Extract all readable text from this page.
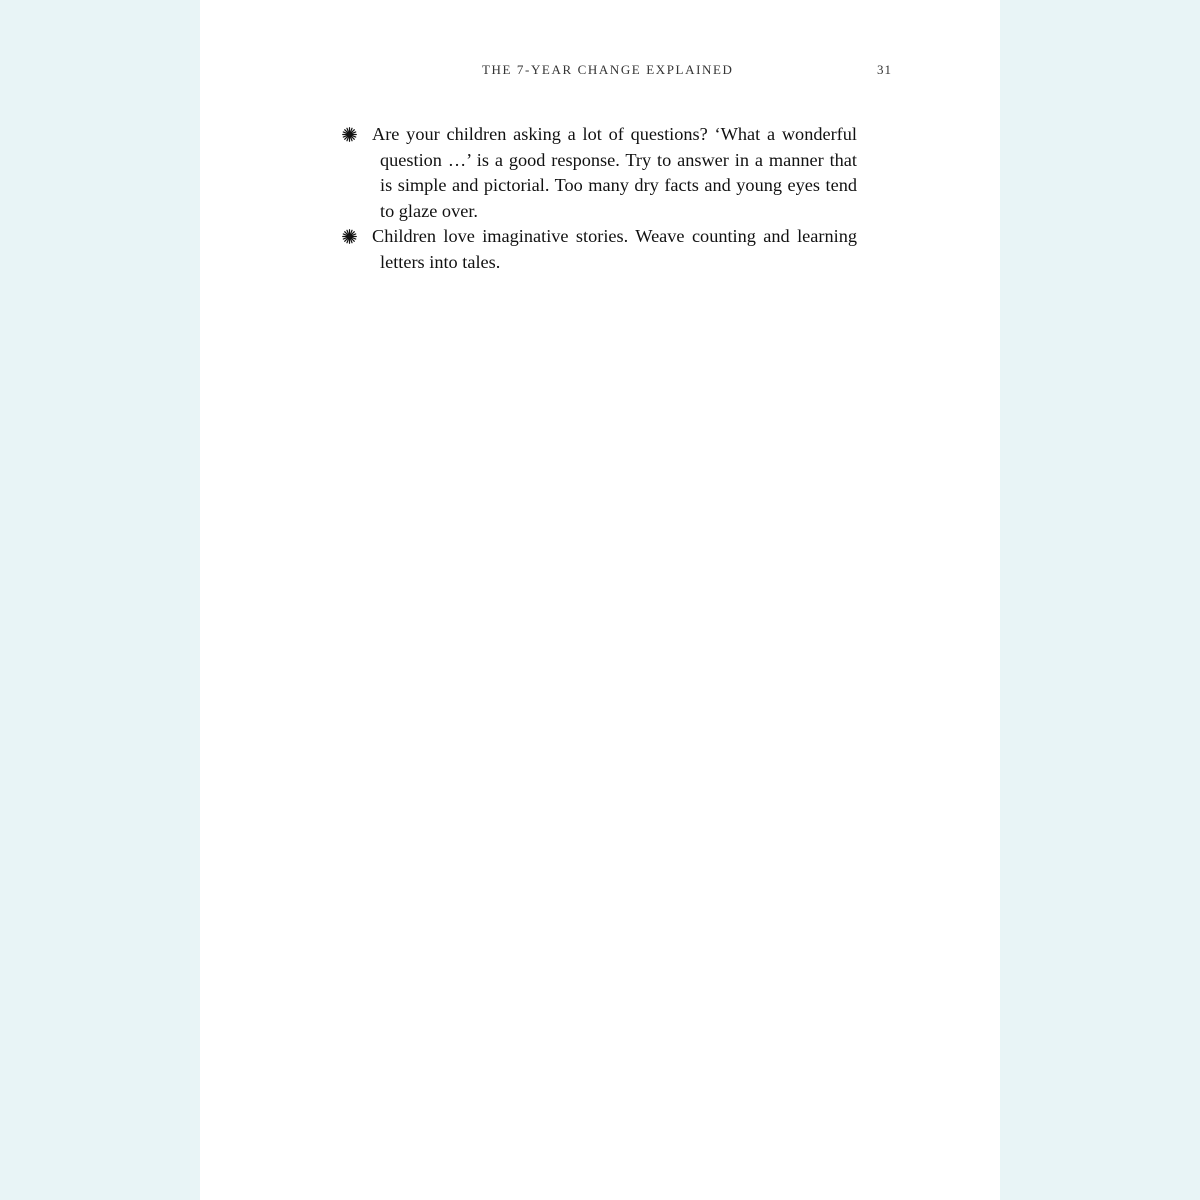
THE 7-YEAR CHANGE EXPLAINED	31
Are your children asking a lot of questions? ‘What a wonderful question …’ is a good response. Try to answer in a manner that is simple and pictorial. Too many dry facts and young eyes tend to glaze over.
Children love imaginative stories. Weave counting and learning letters into tales.
